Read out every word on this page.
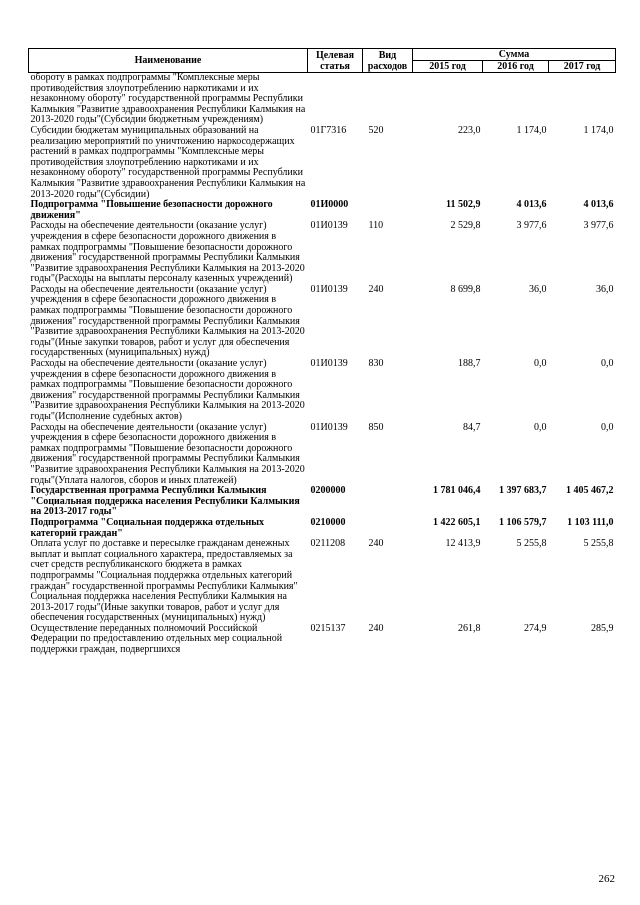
Наименование	Целевая статья	Вид расходов	Сумма		
			2015 год	2016 год	2017 год
обороту в рамках подпрограммы "Комплексные меры противодействия злоупотреблению наркотиками и их незаконному обороту" государственной программы Республики Калмыкия "Развитие здравоохранения Республики Калмыкия на 2013-2020 годы"(Субсидии бюджетным учреждениям)					
Субсидии бюджетам муниципальных образований на реализацию мероприятий по уничтожению наркосодержащих растений в рамках подпрограммы "Комплексные меры противодействия злоупотреблению наркотиками и их незаконному обороту" государственной программы Республики Калмыкия "Развитие здравоохранения Республики Калмыкия на 2013-2020 годы"(Субсидии)	01Г7316	520	223,0	1 174,0	1 174,0
Подпрограмма "Повышение безопасности дорожного движения"	01И0000		11 502,9	4 013,6	4 013,6
Расходы на обеспечение деятельности (оказание услуг) учреждения в сфере безопасности дорожного движения в рамках подпрограммы "Повышение безопасности дорожного движения" государственной программы Республики Калмыкия "Развитие здравоохранения Республики Калмыкия на 2013-2020 годы"(Расходы на выплаты персоналу казенных учреждений)	01И0139	110	2 529,8	3 977,6	3 977,6
Расходы на обеспечение деятельности (оказание услуг) учреждения в сфере безопасности дорожного движения в рамках подпрограммы "Повышение безопасности дорожного движения" государственной программы Республики Калмыкия "Развитие здравоохранения Республики Калмыкия на 2013-2020 годы"(Иные закупки товаров, работ и услуг для обеспечения государственных (муниципальных) нужд)	01И0139	240	8 699,8	36,0	36,0
Расходы на обеспечение деятельности (оказание услуг) учреждения в сфере безопасности дорожного движения в рамках подпрограммы "Повышение безопасности дорожного движения" государственной программы Республики Калмыкия "Развитие здравоохранения Республики Калмыкия на 2013-2020 годы"(Исполнение судебных актов)	01И0139	830	188,7	0,0	0,0
Расходы на обеспечение деятельности (оказание услуг) учреждения в сфере безопасности дорожного движения в рамках подпрограммы "Повышение безопасности дорожного движения" государственной программы Республики Калмыкия "Развитие здравоохранения Республики Калмыкия на 2013-2020 годы"(Уплата налогов, сборов и иных платежей)	01И0139	850	84,7	0,0	0,0
Государственная программа Республики Калмыкия "Социальная поддержка населения Республики Калмыкия на 2013-2017 годы"	0200000		1 781 046,4	1 397 683,7	1 405 467,2
Подпрограмма "Социальная поддержка отдельных категорий граждан"	0210000		1 422 605,1	1 106 579,7	1 103 111,0
Оплата услуг по доставке и пересылке гражданам денежных выплат и выплат социального характера, предоставляемых за счет средств республиканского бюджета в рамках подпрограммы "Социальная поддержка отдельных категорий граждан" государственной программы Республики Калмыкия" Социальная поддержка населения Республики Калмыкия на 2013-2017 годы"(Иные закупки товаров, работ и услуг для обеспечения государственных (муниципальных) нужд)	0211208	240	12 413,9	5 255,8	5 255,8
Осуществление переданных полномочий Российской Федерации по предоставлению отдельных мер социальной поддержки граждан, подвергшихся	0215137	240	261,8	274,9	285,9
262
